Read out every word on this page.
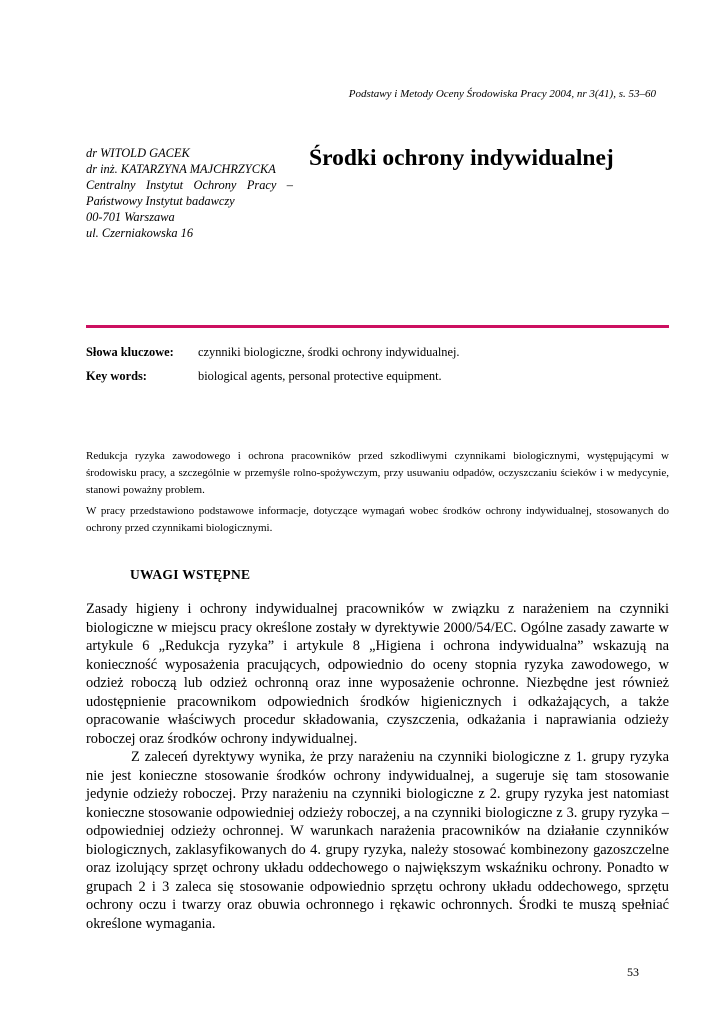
Podstawy i Metody Oceny Środowiska Pracy 2004, nr 3(41), s. 53–60
dr WITOLD GACEK
dr inż. KATARZYNA MAJCHRZYCKA
Centralny Instytut Ochrony Pracy –
Państwowy Instytut badawczy
00-701 Warszawa
ul. Czerniakowska 16
Środki ochrony indywidualnej
Słowa kluczowe: czynniki biologiczne, środki ochrony indywidualnej.
Key words:	biological agents, personal protective equipment.

Redukcja ryzyka zawodowego i ochrona pracowników przed szkodliwymi czynnikami biologicznymi, występującymi w środowisku pracy, a szczególnie w przemyśle rolno-spożywczym, przy usuwaniu odpadów, oczyszczaniu ścieków i w medycynie, stanowi poważny problem.

W pracy przedstawiono podstawowe informacje, dotyczące wymagań wobec środków ochrony indywidualnej, stosowanych do ochrony przed czynnikami biologicznymi.

UWAGI WSTĘPNE

Zasady higieny i ochrony indywidualnej pracowników w związku z narażeniem na czynniki biologiczne w miejscu pracy określone zostały w dyrektywie 2000/54/EC. Ogólne zasady zawarte w artykule 6 „Redukcja ryzyka” i artykule 8 „Higiena i ochrona indywidualna” wskazują na konieczność wyposażenia pracujących, odpowiednio do oceny stopnia ryzyka zawodowego, w odzież roboczą lub odzież ochronną oraz inne wyposażenie ochronne. Niezbędne jest również udostępnienie pracownikom odpowiednich środków higienicznych i odkażających, a także opracowanie właściwych procedur składowania, czyszczenia, odkażania i naprawiania odzieży roboczej oraz środków ochrony indywidualnej.

Z zaleceń dyrektywy wynika, że przy narażeniu na czynniki biologiczne z 1. grupy ryzyka nie jest konieczne stosowanie środków ochrony indywidualnej, a sugeruje się tam stosowanie jedynie odzieży roboczej. Przy narażeniu na czynniki biologiczne z 2. grupy ryzyka jest natomiast konieczne stosowanie odpowiedniej odzieży roboczej, a na czynniki biologiczne z 3. grupy ryzyka – odpowiedniej odzieży ochronnej. W warunkach narażenia pracowników na działanie czynników biologicznych, zaklasyfikowanych do 4. grupy ryzyka, należy stosować kombinezony gazoszczelne oraz izolujący sprzęt ochrony układu oddechowego o największym wskaźniku ochrony. Ponadto w grupach 2 i 3 zaleca się stosowanie odpowiednio sprzętu ochrony układu oddechowego, sprzętu ochrony oczu i twarzy oraz obuwia ochronnego i rękawic ochronnych. Środki te muszą spełniać określone wymagania.

53
